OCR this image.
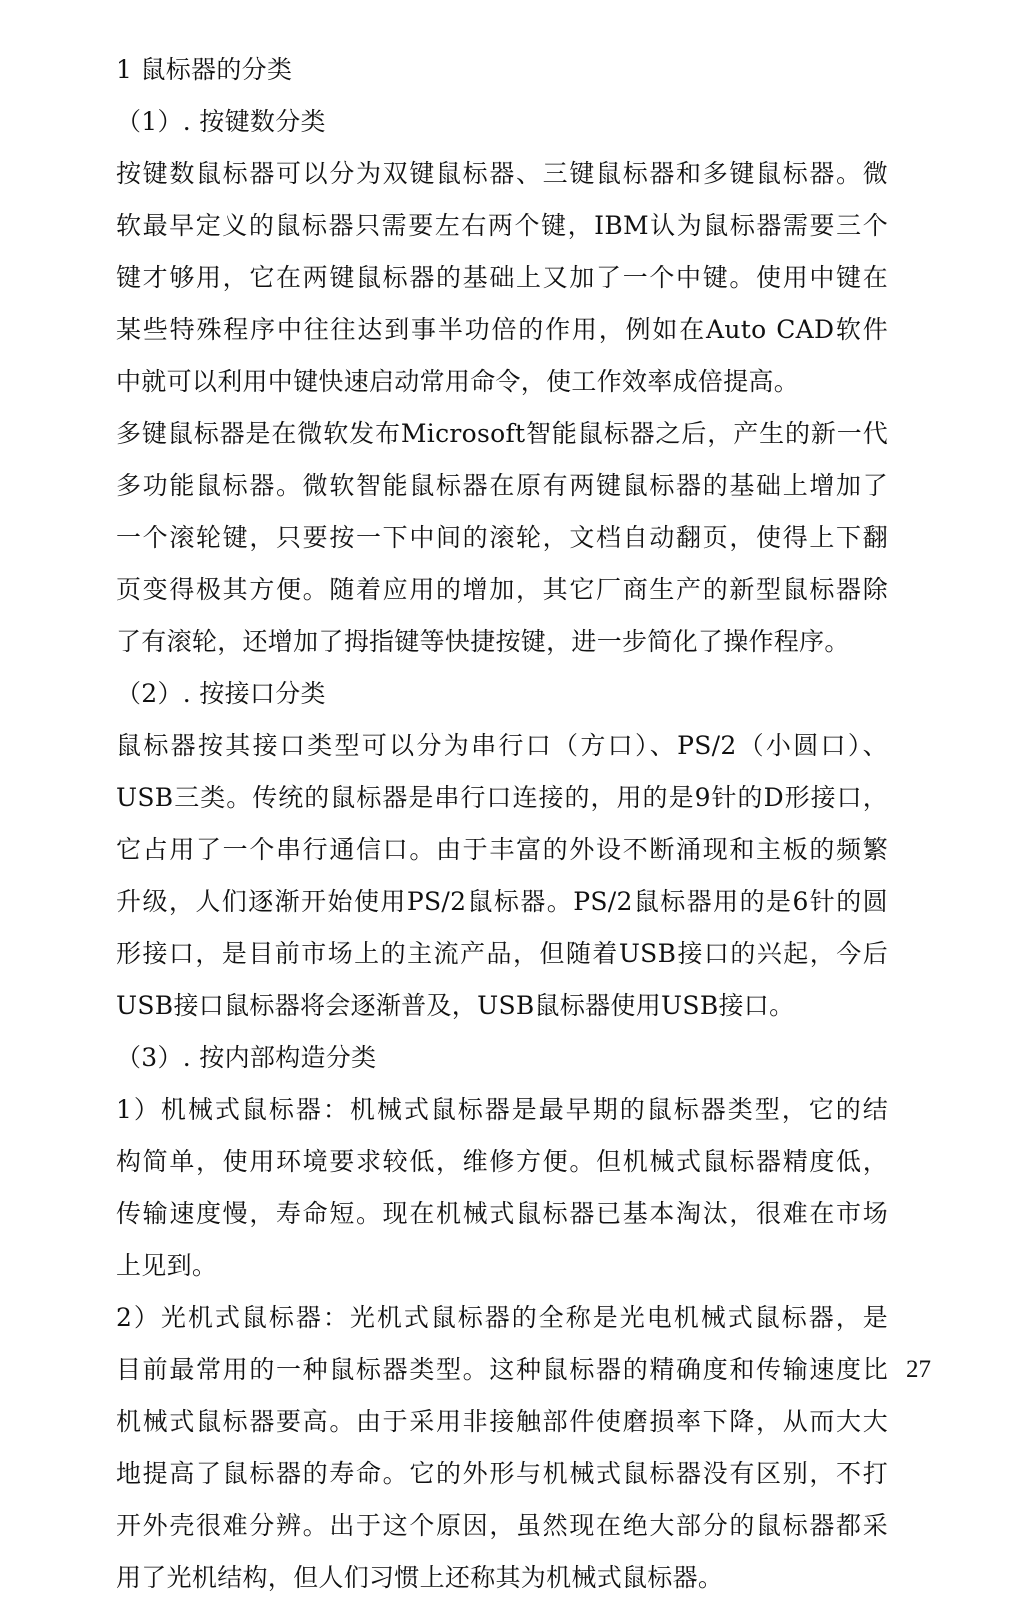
1 鼠标器的分类
（1）. 按键数分类
按键数鼠标器可以分为双键鼠标器、三键鼠标器和多键鼠标器。微
软最早定义的鼠标器只需要左右两个键，IBM认为鼠标器需要三个
键才够用，它在两键鼠标器的基础上又加了一个中键。使用中键在
某些特殊程序中往往达到事半功倍的作用，例如在Auto CAD软件
中就可以利用中键快速启动常用命令，使工作效率成倍提高。
多键鼠标器是在微软发布Microsoft智能鼠标器之后，产生的新一代
多功能鼠标器。微软智能鼠标器在原有两键鼠标器的基础上增加了
一个滚轮键，只要按一下中间的滚轮，文档自动翻页，使得上下翻
页变得极其方便。随着应用的增加，其它厂商生产的新型鼠标器除
了有滚轮，还增加了拇指键等快捷按键，进一步简化了操作程序。
（2）. 按接口分类
鼠标器按其接口类型可以分为串行口（方口）、PS/2（小圆口）、
USB三类。传统的鼠标器是串行口连接的，用的是9针的D形接口，
它占用了一个串行通信口。由于丰富的外设不断涌现和主板的频繁
升级，人们逐渐开始使用PS/2鼠标器。PS/2鼠标器用的是6针的圆
形接口，是目前市场上的主流产品，但随着USB接口的兴起，今后
USB接口鼠标器将会逐渐普及，USB鼠标器使用USB接口。
（3）. 按内部构造分类
1）机械式鼠标器：机械式鼠标器是最早期的鼠标器类型，它的结
构简单，使用环境要求较低，维修方便。但机械式鼠标器精度低，
传输速度慢，寿命短。现在机械式鼠标器已基本淘汰，很难在市场
上见到。
2）光机式鼠标器：光机式鼠标器的全称是光电机械式鼠标器，是
目前最常用的一种鼠标器类型。这种鼠标器的精确度和传输速度比
机械式鼠标器要高。由于采用非接触部件使磨损率下降，从而大大
地提高了鼠标器的寿命。它的外形与机械式鼠标器没有区别，不打
开外壳很难分辨。出于这个原因，虽然现在绝大部分的鼠标器都采
用了光机结构，但人们习惯上还称其为机械式鼠标器。
27
